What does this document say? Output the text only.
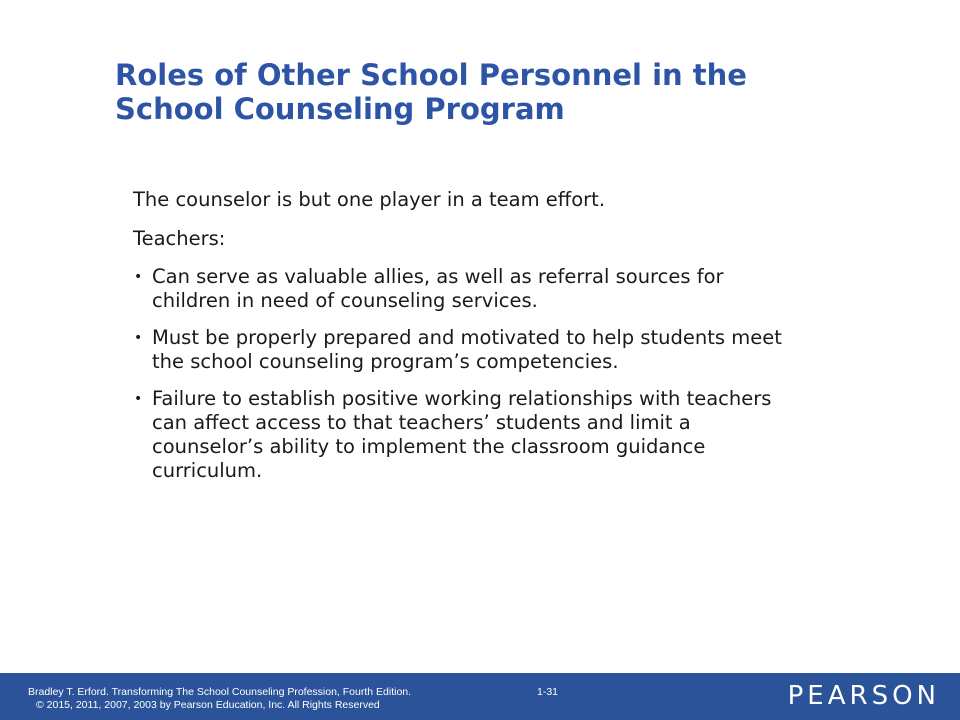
Roles of Other School Personnel in the
School Counseling Program

The counselor is but one player in a team effort.

Teachers:

• Can serve as valuable allies, as well as referral sources for
children in need of counseling services.
• Must be properly prepared and motivated to help students meet
the school counseling program’s competencies.
• Failure to establish positive working relationships with teachers
can affect access to that teachers’ students and limit a
counselor’s ability to implement the classroom guidance
curriculum.
Bradley T. Erford. Transforming The School Counseling Profession, Fourth Edition.
© 2015, 2011, 2007, 2003 by Pearson Education, Inc. All Rights Reserved
1-31	PEARSON
